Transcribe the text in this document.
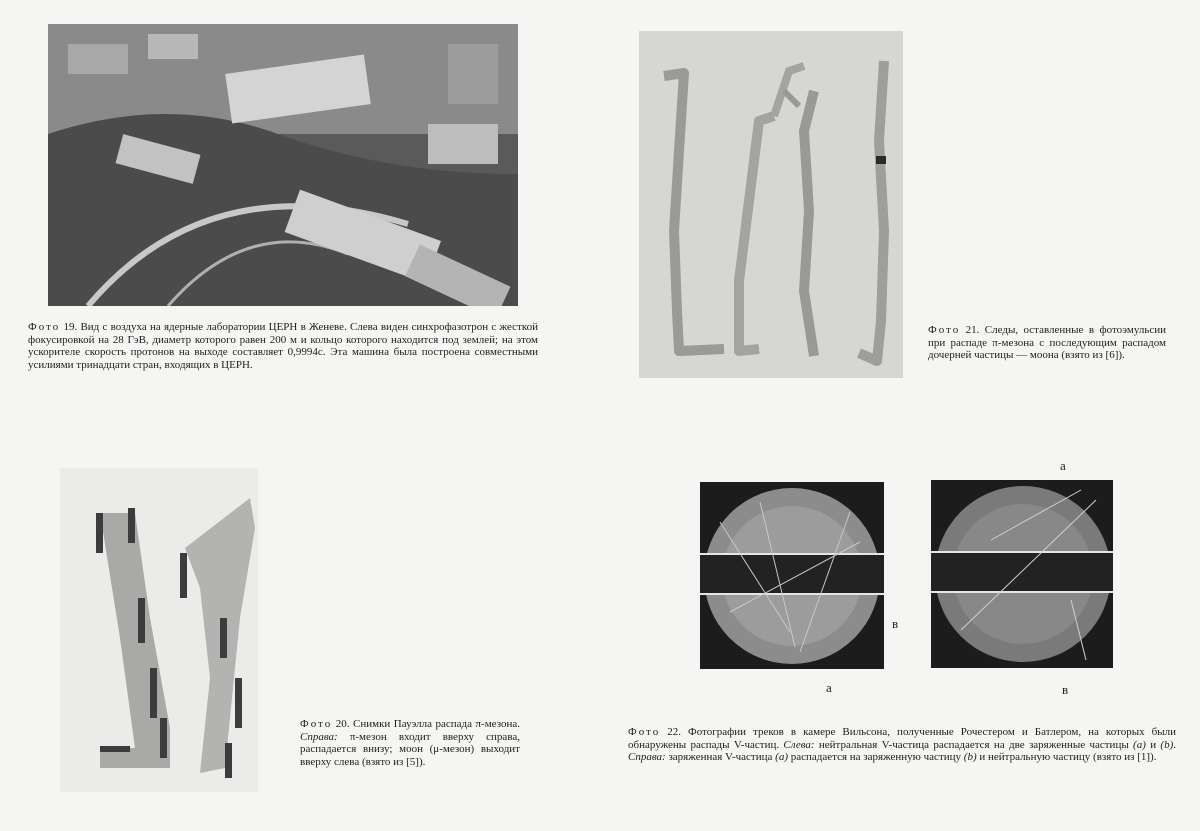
Фото 19. Вид с воздуха на ядерные лаборатории ЦЕРН в Женеве. Слева виден синхрофазотрон с жесткой фокусировкой на 28 ГэВ, диаметр которого равен 200 м и кольцо которого находится под землей; на этом ускорителе скорость протонов на выходе составляет 0,9994c. Эта машина была построена совместными усилиями тринадцати стран, входящих в ЦЕРН.

Фото 21. Следы, оставленные в фотоэмульсии при распаде π-мезона с последующим распадом дочерней частицы — моона (взято из [6]).

Фото 20. Снимки Пауэлла распада π-мезона. Справа: π-мезон входит вверху справа, распадается внизу; моон (μ-мезон) выходит вверху слева (взято из [5]).

в
a
a
в

Фото 22. Фотографии треков в камере Вильсона, полученные Рочестером и Батлером, на которых были обнаружены распады V-частиц. Слева: нейтральная V-частица распадается на две заряженные частицы (a) и (b). Справа: заряженная V-частица (a) распадается на заряженную частицу (b) и нейтральную частицу (взято из [1]).
